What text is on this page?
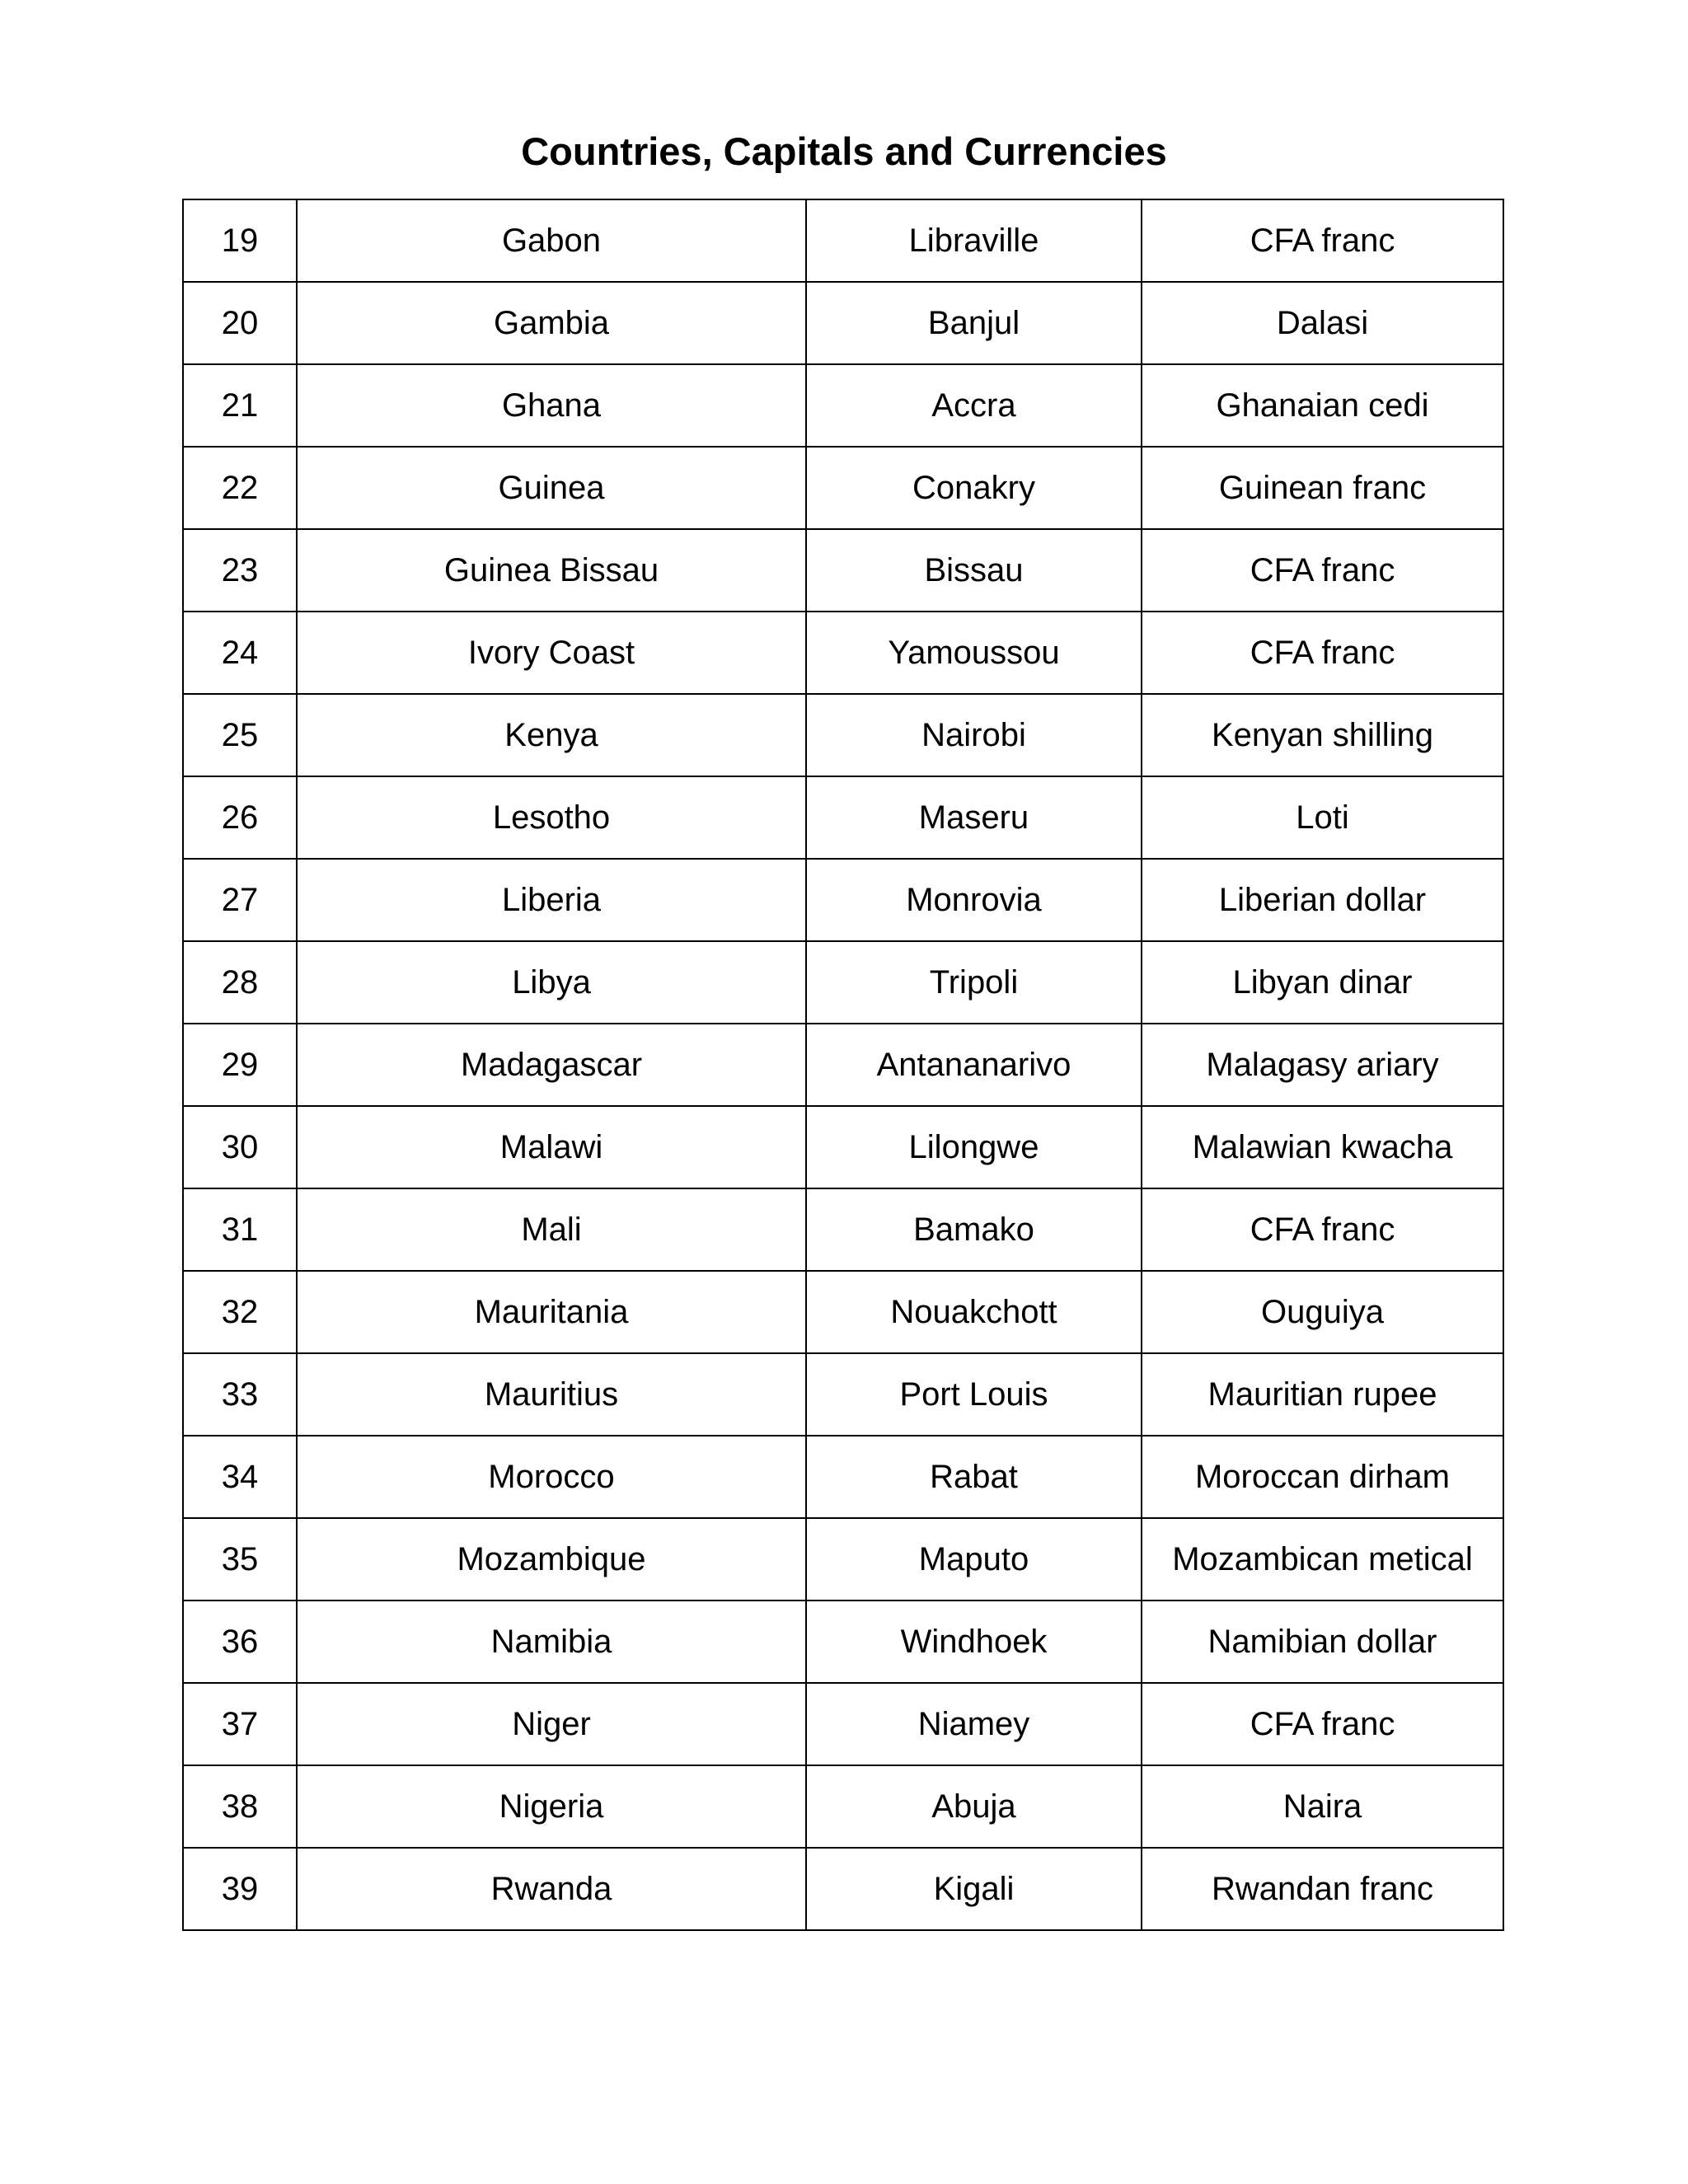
Countries, Capitals and Currencies
19	Gabon	Libraville	CFA franc
20	Gambia	Banjul	Dalasi
21	Ghana	Accra	Ghanaian cedi
22	Guinea	Conakry	Guinean franc
23	Guinea Bissau	Bissau	CFA franc
24	Ivory Coast	Yamoussou	CFA franc
25	Kenya	Nairobi	Kenyan shilling
26	Lesotho	Maseru	Loti
27	Liberia	Monrovia	Liberian dollar
28	Libya	Tripoli	Libyan dinar
29	Madagascar	Antananarivo	Malagasy ariary
30	Malawi	Lilongwe	Malawian kwacha
31	Mali	Bamako	CFA franc
32	Mauritania	Nouakchott	Ouguiya
33	Mauritius	Port Louis	Mauritian rupee
34	Morocco	Rabat	Moroccan dirham
35	Mozambique	Maputo	Mozambican metical
36	Namibia	Windhoek	Namibian dollar
37	Niger	Niamey	CFA franc
38	Nigeria	Abuja	Naira
39	Rwanda	Kigali	Rwandan franc
